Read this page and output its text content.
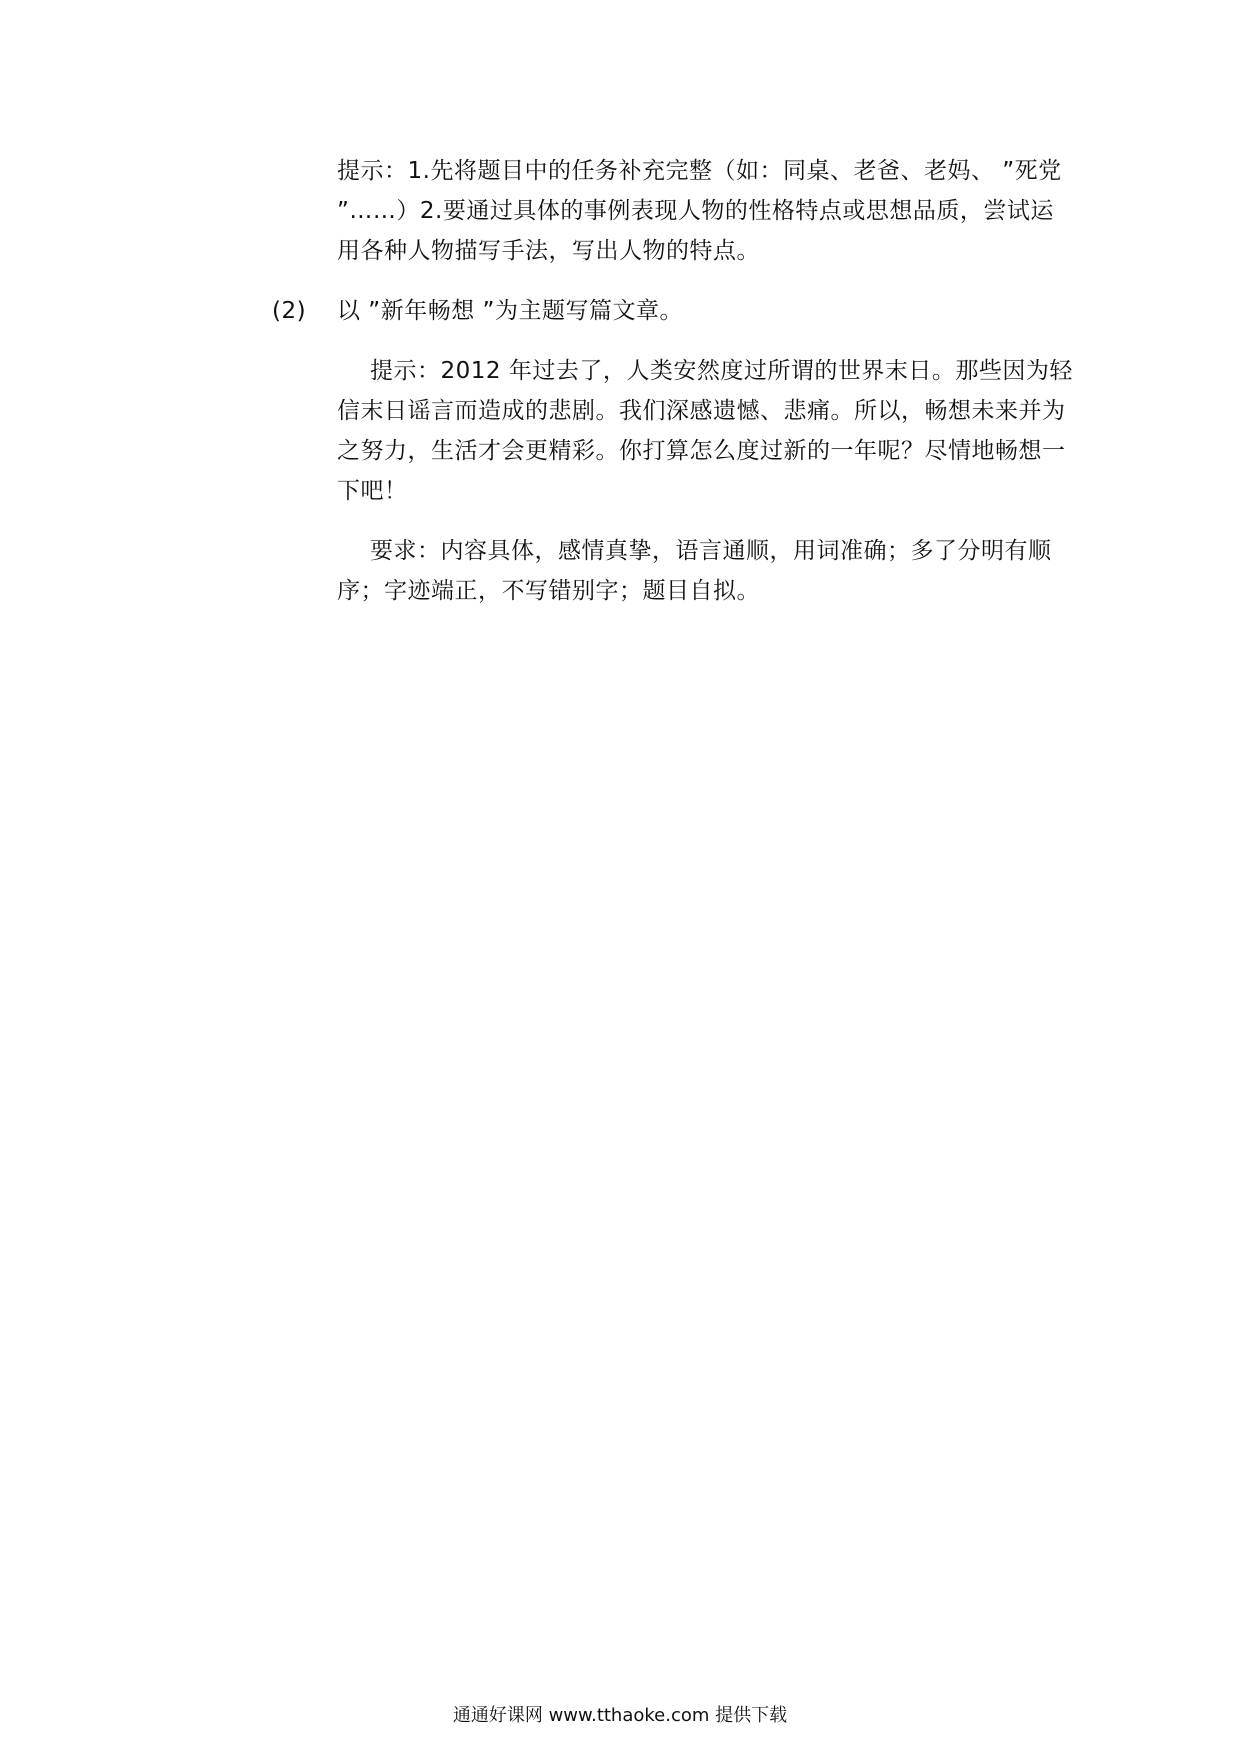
提示：1.先将题目中的任务补充完整（如：同桌、老爸、老妈、 ”死党
”……）2.要通过具体的事例表现人物的性格特点或思想品质，尝试运
用各种人物描写手法，写出人物的特点。
(2) 以 ”新年畅想 ”为主题写篇文章。
提示：2012 年过去了，人类安然度过所谓的世界末日。那些因为轻
信末日谣言而造成的悲剧。我们深感遗憾、悲痛。所以，畅想未来并为
之努力，生活才会更精彩。你打算怎么度过新的一年呢？尽情地畅想一
下吧！
要求：内容具体，感情真挚，语言通顺，用词准确；多了分明有顺
序；字迹端正，不写错别字；题目自拟。
通通好课网 www.tthaoke.com 提供下载
